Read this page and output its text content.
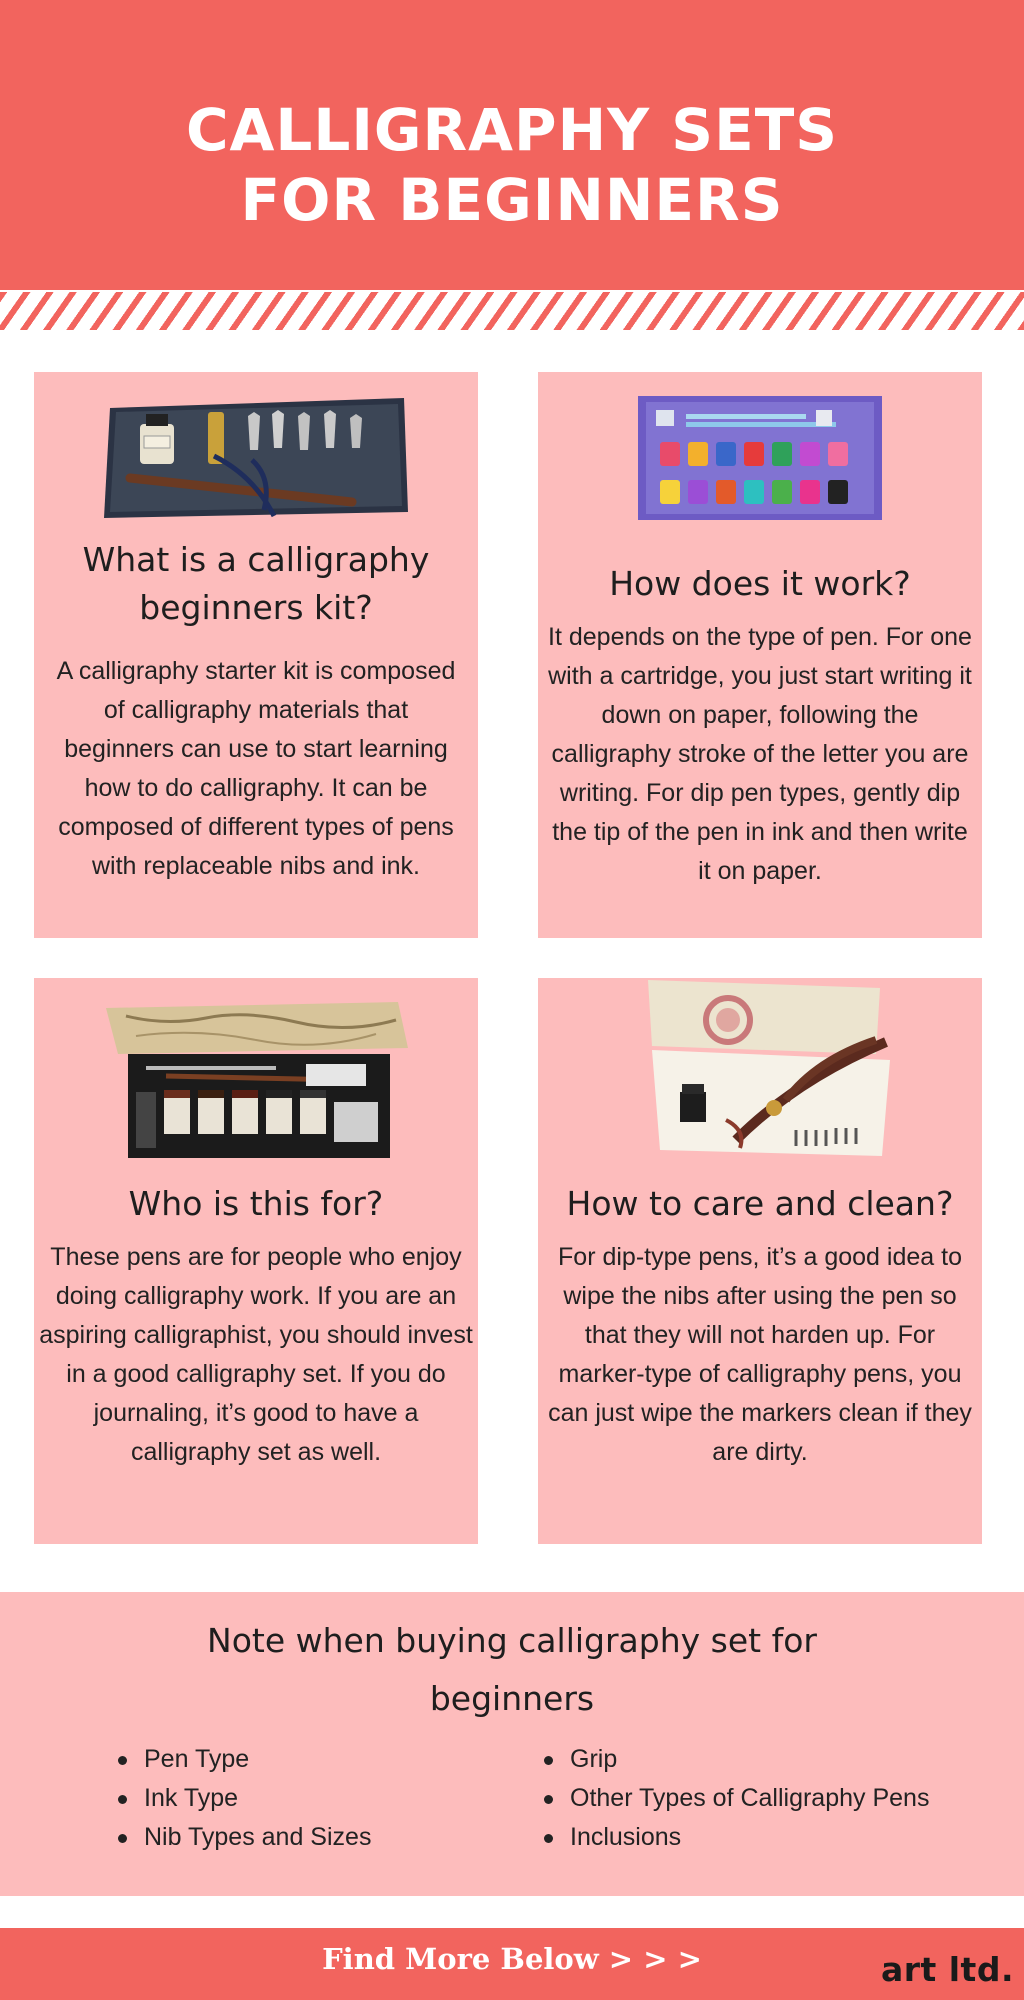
CALLIGRAPHY SETS
FOR BEGINNERS
What is a calligraphy
beginners kit?
A calligraphy starter kit is composed of calligraphy materials that beginners can use to start learning how to do calligraphy. It can be composed of different types of pens with replaceable nibs and ink.
How does it work?
It depends on the type of pen. For one with a cartridge, you just start writing it down on paper, following the calligraphy stroke of the letter you are writing. For dip pen types, gently dip the tip of the pen in ink and then write it on paper.
Who is this for?
These pens are for people who enjoy doing calligraphy work. If you are an aspiring calligraphist, you should invest in a good calligraphy set. If you do journaling, it’s good to have a calligraphy set as well.
How to care and clean?
For dip-type pens, it’s a good idea to wipe the nibs after using the pen so that they will not harden up. For marker-type of calligraphy pens, you can just wipe the markers clean if they are dirty.
Note when buying calligraphy set for
beginners
Pen Type
Ink Type
Nib Types and Sizes
Grip
Other Types of Calligraphy Pens
Inclusions
Find More Below > > >	art ltd.
